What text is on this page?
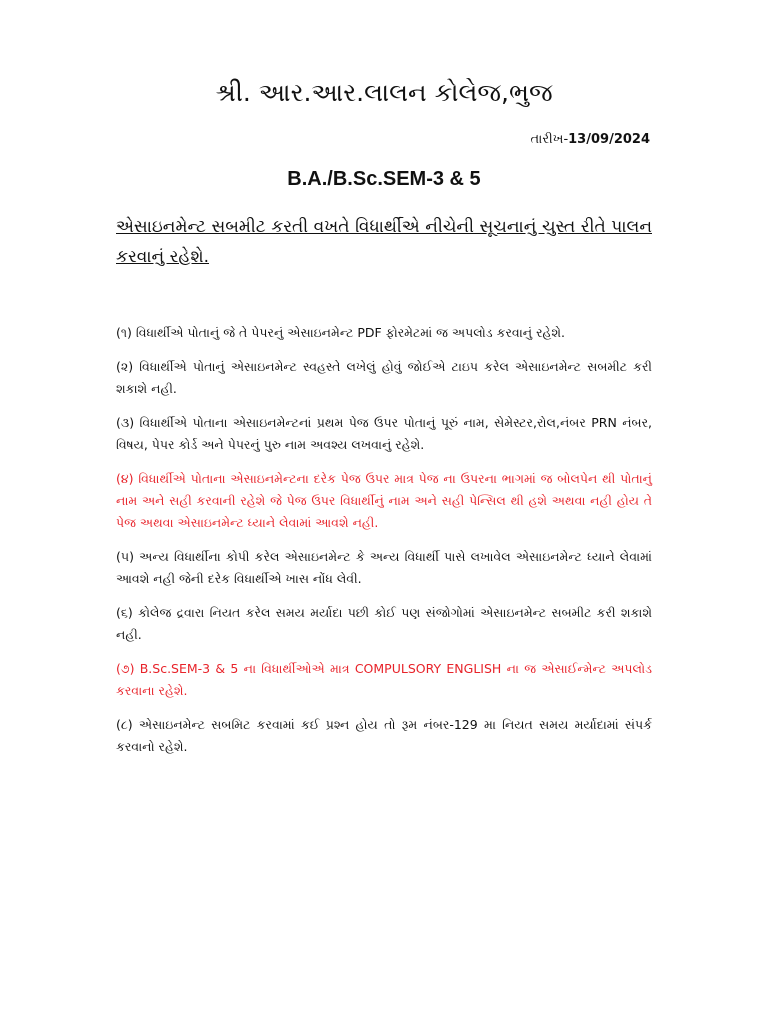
શ્રી. આર.આર.લાલન કોલેજ,ભુજ
તારીખ-13/09/2024
B.A./B.Sc.SEM-3 & 5
એસાઇનમેન્ટ સબમીટ કરતી વખતે વિધાર્થીએ નીચેની સૂચનાનું ચુસ્ત રીતે પાલન કરવાનું રહેશે.

(૧) વિધાર્થીએ પોતાનું જે તે પેપરનું એસાઇનમેન્ટ PDF ફોરમેટમાં જ અપલોડ કરવાનું રહેશે.

(૨) વિધાર્થીએ પોતાનું એસાઇનમેન્ટ સ્વહસ્તે લખેલું હોવું જોઈએ ટાઇપ કરેલ એસાઇનમેન્ટ સબમીટ કરી શકાશે નહી.

(૩) વિધાર્થીએ પોતાના એસાઇનમેન્ટનાં પ્રથમ પેજ ઉપર પોતાનું પૂરું નામ, સેમેસ્ટર,રોલ,નંબર PRN નંબર, વિષય, પેપર કોર્ડ અને પેપરનું પુરુ નામ અવશ્ય લખવાનું રહેશે.

(૪) વિધાર્થીએ પોતાના એસાઇનમેન્ટના દરેક પેજ ઉપર માત્ર પેજ ના ઉપરના ભાગમાં જ બોલપેન થી પોતાનું નામ અને સહી કરવાની રહેશે જે પેજ ઉપર વિધાર્થીનું નામ અને સહી પેન્સિલ થી હશે અથવા નહી હોય તે પેજ અથવા એસાઇનમેન્ટ ધ્યાને લેવામાં આવશે નહી.

(૫) અન્ય વિધાર્થીના કોપી કરેલ એસાઇનમેન્ટ કે અન્ય વિધાર્થી પાસે લખાવેલ એસાઇનમેન્ટ ધ્યાને લેવામાં આવશે નહી જેની દરેક વિધાર્થીએ ખાસ નોંધ લેવી.

(૬) કોલેજ દ્રવારા નિયત કરેલ સમય મર્યાદા પછી કોઈ પણ સંજોગોમાં એસાઇનમેન્ટ સબમીટ કરી શકાશે નહી.

(૭) B.Sc.SEM-3 & 5 ના વિધાર્થીઓએ માત્ર COMPULSORY ENGLISH ના જ એસાઈન્મેન્ટ અપલોડ કરવાના રહેશે.

(૮) એસાઇનમેન્ટ સબમિટ કરવામાં કઈ પ્રશ્ન હોય તો રૂમ નંબર-129 મા નિયત સમય મર્યાદામાં સંપર્ક કરવાનો રહેશે.
